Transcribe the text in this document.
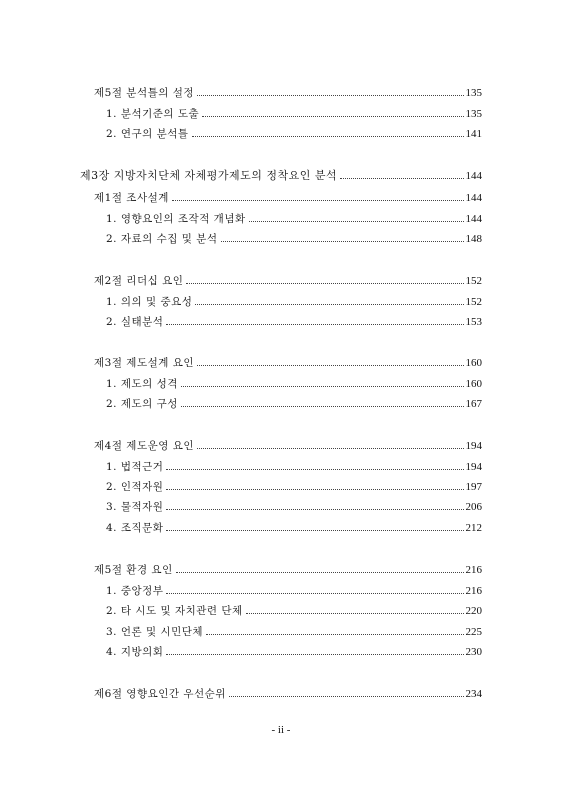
제5절 분석틀의 설정	135
1. 분석기준의 도출	135
2. 연구의 분석틀	141
제3장 지방자치단체 자체평가제도의 정착요인 분석	144
제1절 조사설계	144
1. 영향요인의 조작적 개념화	144
2. 자료의 수집 및 분석	148
제2절 리더십 요인	152
1. 의의 및 중요성	152
2. 실태분석	153
제3절 제도설계 요인	160
1. 제도의 성격	160
2. 제도의 구성	167
제4절 제도운영 요인	194
1. 법적근거	194
2. 인적자원	197
3. 물적자원	206
4. 조직문화	212
제5절 환경 요인	216
1. 중앙정부	216
2. 타 시도 및 자치관련 단체	220
3. 언론 및 시민단체	225
4. 지방의회	230
제6절 영향요인간 우선순위	234
- ii -
